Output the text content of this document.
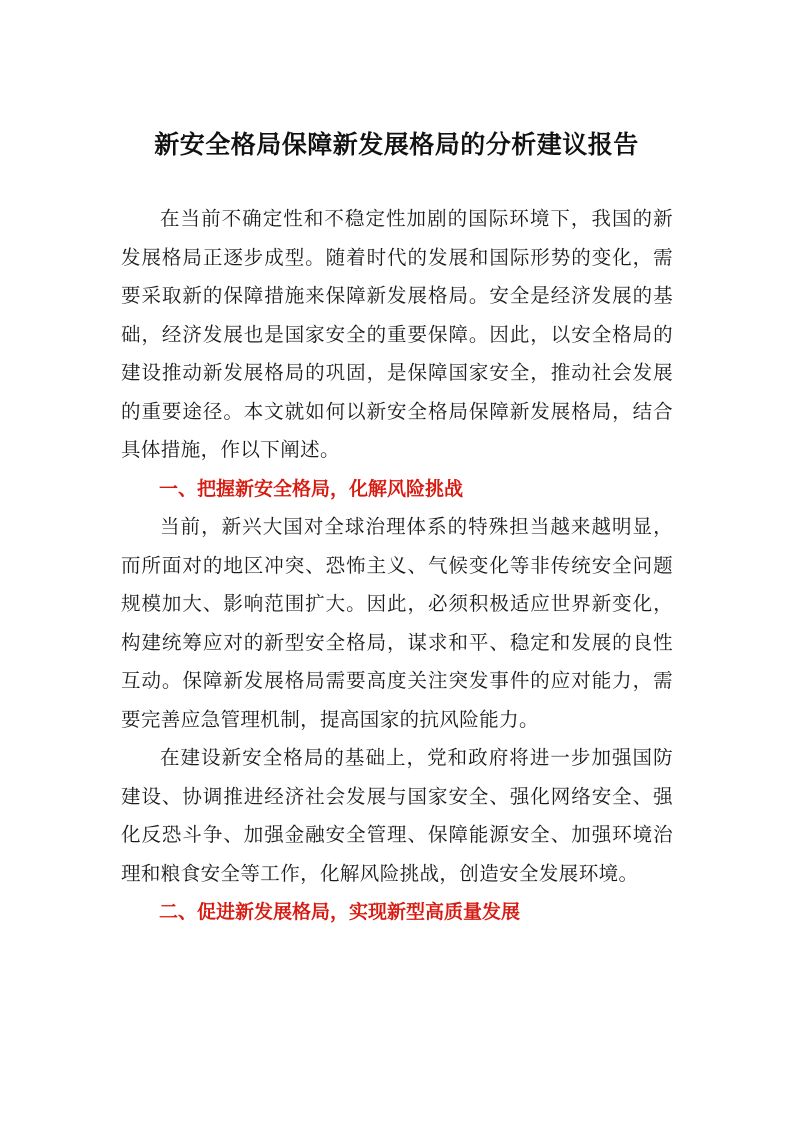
新安全格局保障新发展格局的分析建议报告

在当前不确定性和不稳定性加剧的国际环境下，我国的新发展格局正逐步成型。随着时代的发展和国际形势的变化，需要采取新的保障措施来保障新发展格局。安全是经济发展的基础，经济发展也是国家安全的重要保障。因此，以安全格局的建设推动新发展格局的巩固，是保障国家安全，推动社会发展的重要途径。本文就如何以新安全格局保障新发展格局，结合具体措施，作以下阐述。

一、把握新安全格局，化解风险挑战

当前，新兴大国对全球治理体系的特殊担当越来越明显，而所面对的地区冲突、恐怖主义、气候变化等非传统安全问题规模加大、影响范围扩大。因此，必须积极适应世界新变化，构建统筹应对的新型安全格局，谋求和平、稳定和发展的良性互动。保障新发展格局需要高度关注突发事件的应对能力，需要完善应急管理机制，提高国家的抗风险能力。

在建设新安全格局的基础上，党和政府将进一步加强国防建设、协调推进经济社会发展与国家安全、强化网络安全、强化反恐斗争、加强金融安全管理、保障能源安全、加强环境治理和粮食安全等工作，化解风险挑战，创造安全发展环境。

二、促进新发展格局，实现新型高质量发展
